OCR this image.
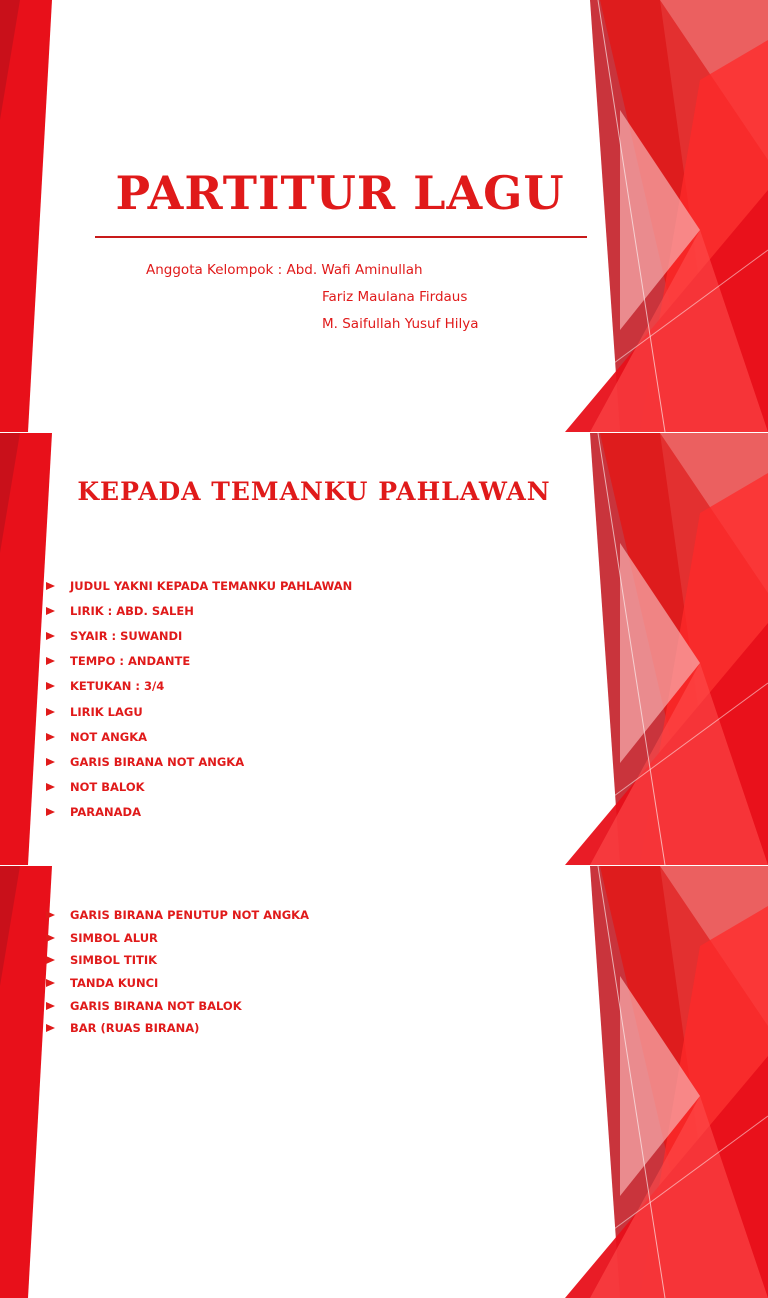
PARTITUR LAGU
Anggota Kelompok : Abd. Wafi Aminullah
Fariz Maulana Firdaus
M. Saifullah Yusuf Hilya
KEPADA TEMANKU PAHLAWAN
JUDUL YAKNI KEPADA TEMANKU PAHLAWAN
LIRIK : ABD. SALEH
SYAIR : SUWANDI
TEMPO : ANDANTE
KETUKAN : 3/4
LIRIK LAGU
NOT ANGKA
GARIS BIRANA NOT ANGKA
NOT BALOK
PARANADA
GARIS BIRANA PENUTUP NOT ANGKA
SIMBOL ALUR
SIMBOL TITIK
TANDA KUNCI
GARIS BIRANA NOT BALOK
BAR (RUAS BIRANA)
